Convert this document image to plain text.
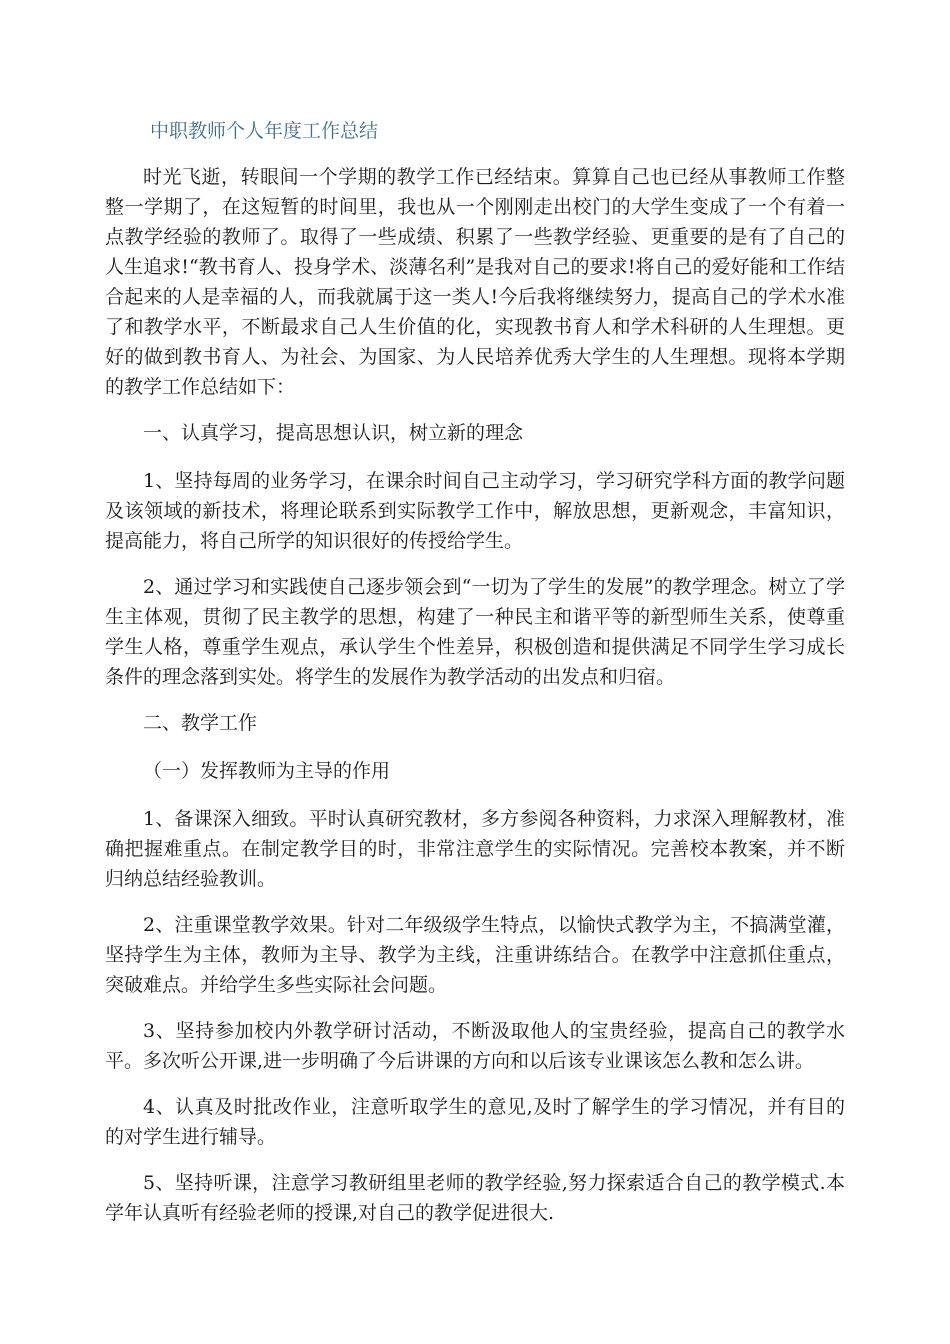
中职教师个人年度工作总结

时光飞逝，转眼间一个学期的教学工作已经结束。算算自己也已经从事教师工作整整一学期了，在这短暂的时间里，我也从一个刚刚走出校门的大学生变成了一个有着一点教学经验的教师了。取得了一些成绩、积累了一些教学经验、更重要的是有了自己的人生追求!“教书育人、投身学术、淡薄名利”是我对自己的要求!将自己的爱好能和工作结合起来的人是幸福的人，而我就属于这一类人!今后我将继续努力，提高自己的学术水准了和教学水平，不断最求自己人生价值的化，实现教书育人和学术科研的人生理想。更好的做到教书育人、为社会、为国家、为人民培养优秀大学生的人生理想。现将本学期的教学工作总结如下：

一、认真学习，提高思想认识，树立新的理念

1、坚持每周的业务学习，在课余时间自己主动学习，学习研究学科方面的教学问题及该领域的新技术，将理论联系到实际教学工作中，解放思想，更新观念，丰富知识，提高能力，将自己所学的知识很好的传授给学生。

2、通过学习和实践使自己逐步领会到“一切为了学生的发展”的教学理念。树立了学生主体观，贯彻了民主教学的思想，构建了一种民主和谐平等的新型师生关系，使尊重学生人格，尊重学生观点，承认学生个性差异，积极创造和提供满足不同学生学习成长条件的理念落到实处。将学生的发展作为教学活动的出发点和归宿。

二、教学工作

（一）发挥教师为主导的作用

1、备课深入细致。平时认真研究教材，多方参阅各种资料，力求深入理解教材，准确把握难重点。在制定教学目的时，非常注意学生的实际情况。完善校本教案，并不断归纳总结经验教训。

2、注重课堂教学效果。针对二年级级学生特点，以愉快式教学为主，不搞满堂灌，坚持学生为主体，教师为主导、教学为主线，注重讲练结合。在教学中注意抓住重点，突破难点。并给学生多些实际社会问题。

3、坚持参加校内外教学研讨活动，不断汲取他人的宝贵经验，提高自己的教学水平。多次听公开课,进一步明确了今后讲课的方向和以后该专业课该怎么教和怎么讲。

4、认真及时批改作业，注意听取学生的意见,及时了解学生的学习情况，并有目的的对学生进行辅导。

5、坚持听课，注意学习教研组里老师的教学经验,努力探索适合自己的教学模式.本学年认真听有经验老师的授课,对自己的教学促进很大.
